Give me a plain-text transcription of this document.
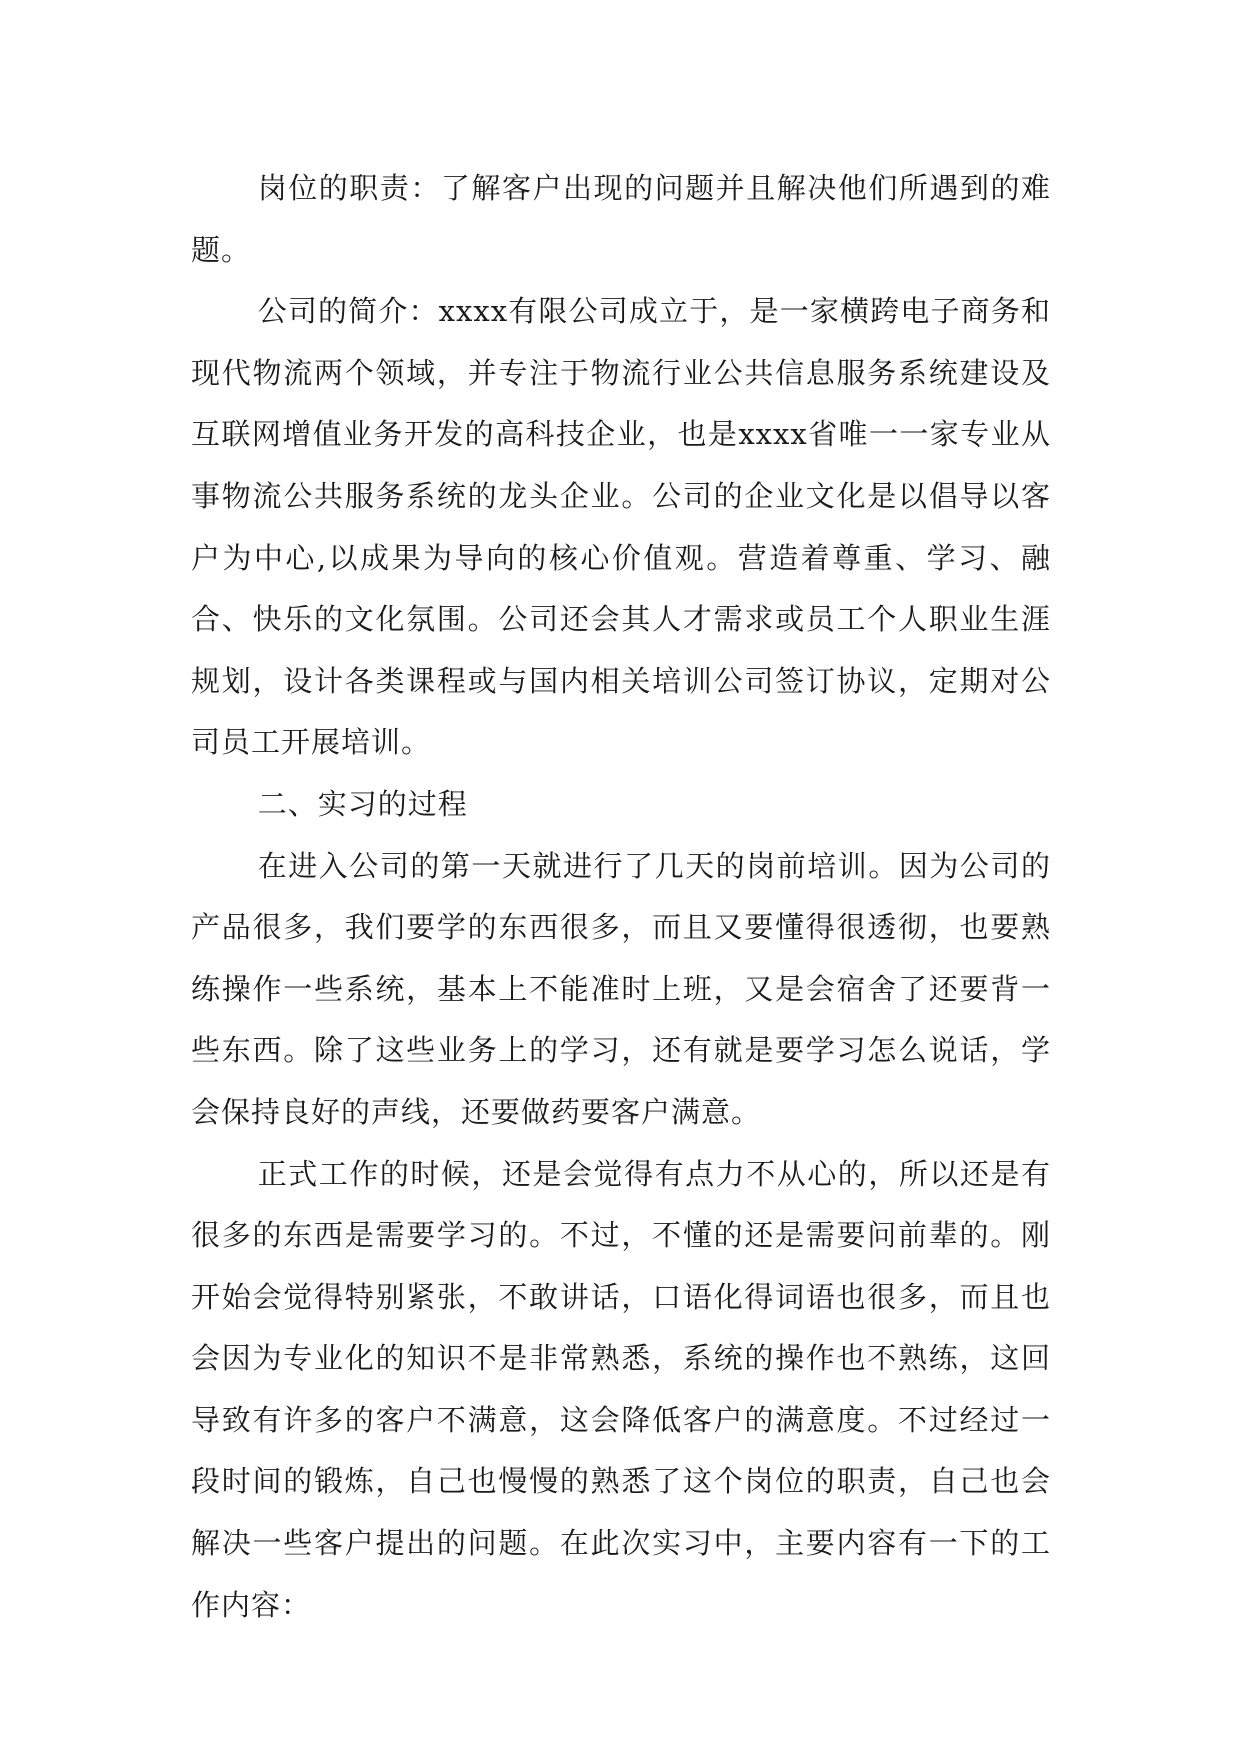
岗位的职责：了解客户出现的问题并且解决他们所遇到的难题。

公司的简介：xxxx有限公司成立于，是一家横跨电子商务和现代物流两个领域，并专注于物流行业公共信息服务系统建设及互联网增值业务开发的高科技企业，也是xxxx省唯一一家专业从事物流公共服务系统的龙头企业。公司的企业文化是以倡导以客户为中心,以成果为导向的核心价值观。营造着尊重、学习、融合、快乐的文化氛围。公司还会其人才需求或员工个人职业生涯规划，设计各类课程或与国内相关培训公司签订协议，定期对公司员工开展培训。

二、实习的过程

在进入公司的第一天就进行了几天的岗前培训。因为公司的产品很多，我们要学的东西很多，而且又要懂得很透彻，也要熟练操作一些系统，基本上不能准时上班，又是会宿舍了还要背一些东西。除了这些业务上的学习，还有就是要学习怎么说话，学会保持良好的声线，还要做药要客户满意。

正式工作的时候，还是会觉得有点力不从心的，所以还是有很多的东西是需要学习的。不过，不懂的还是需要问前辈的。刚开始会觉得特别紧张，不敢讲话，口语化得词语也很多，而且也会因为专业化的知识不是非常熟悉，系统的操作也不熟练，这回导致有许多的客户不满意，这会降低客户的满意度。不过经过一段时间的锻炼，自己也慢慢的熟悉了这个岗位的职责，自己也会解决一些客户提出的问题。在此次实习中，主要内容有一下的工作内容：
